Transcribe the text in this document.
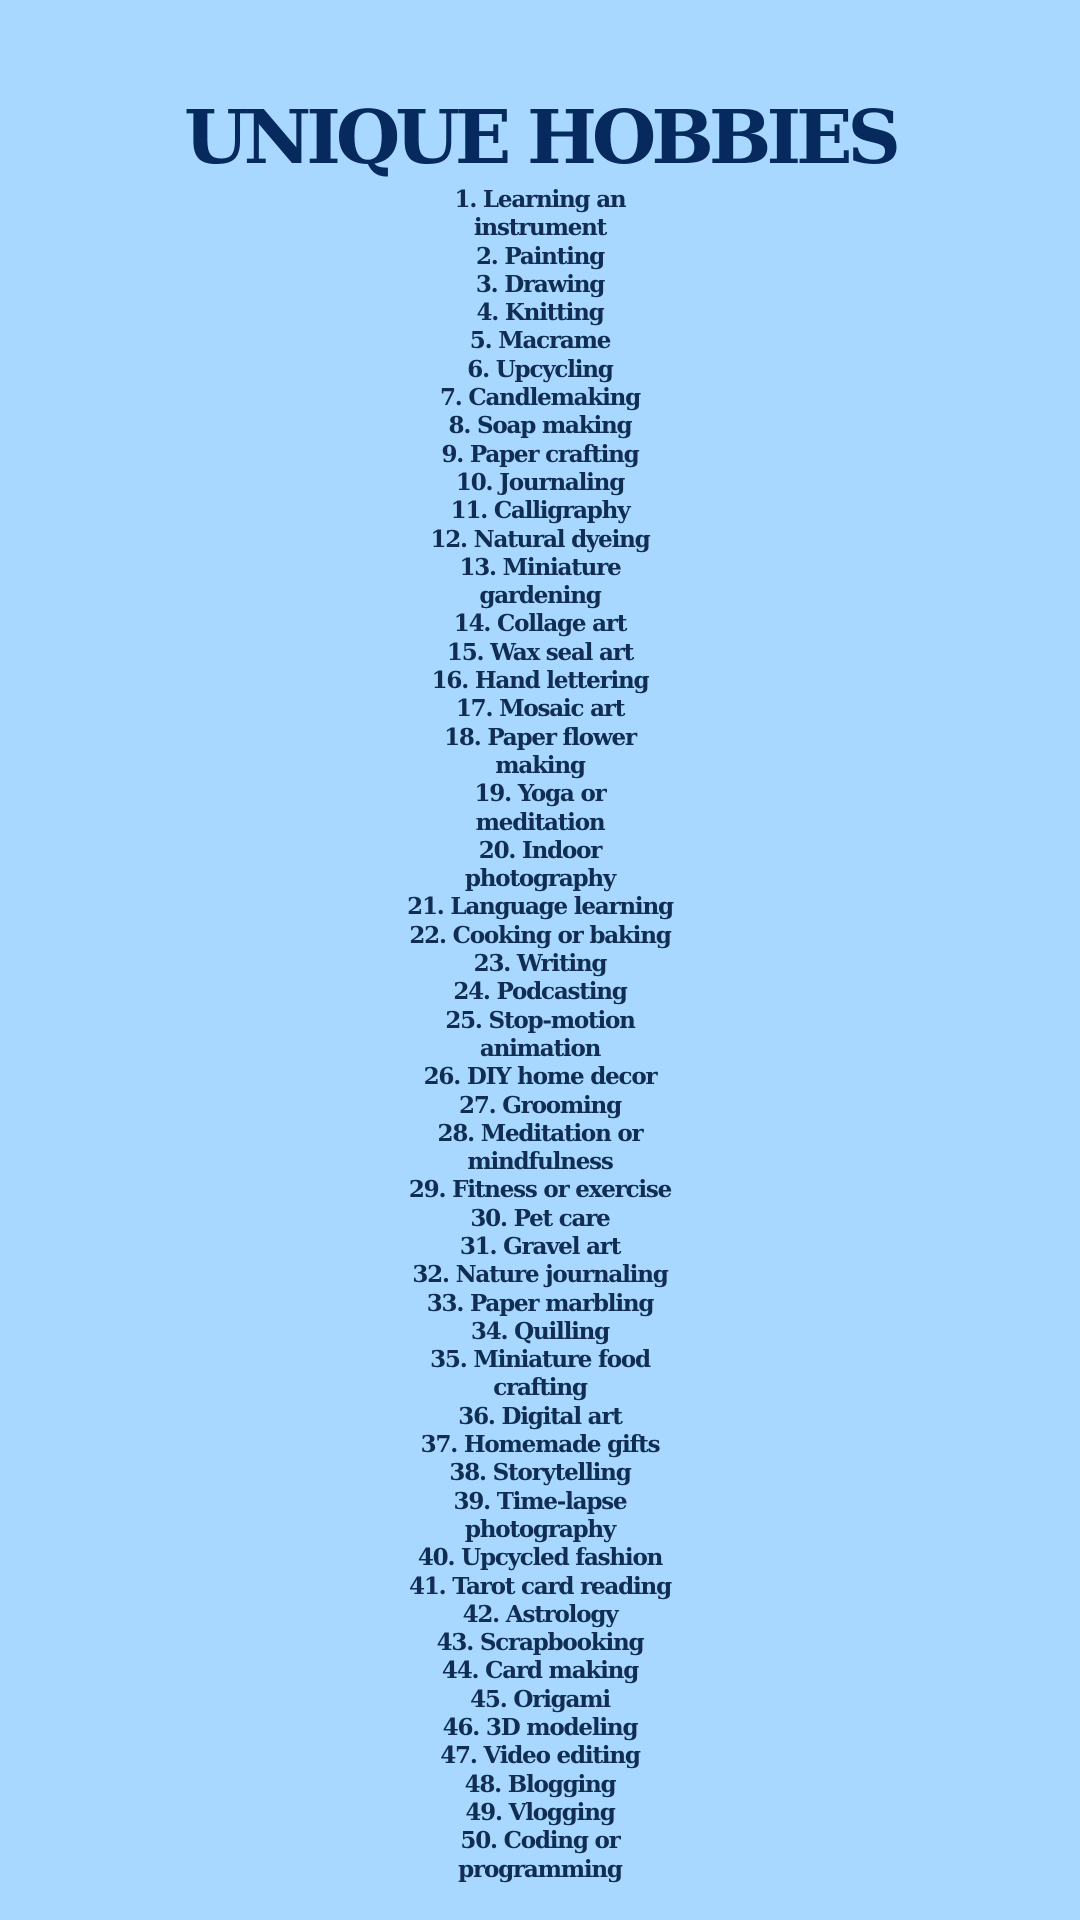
UNIQUE HOBBIES
1. Learning an
instrument
2. Painting
3. Drawing
4. Knitting
5. Macrame
6. Upcycling
7. Candlemaking
8. Soap making
9. Paper crafting
10. Journaling
11. Calligraphy
12. Natural dyeing
13. Miniature
gardening
14. Collage art
15. Wax seal art
16. Hand lettering
17. Mosaic art
18. Paper flower
making
19. Yoga or
meditation
20. Indoor
photography
21. Language learning
22. Cooking or baking
23. Writing
24. Podcasting
25. Stop-motion
animation
26. DIY home decor
27. Grooming
28. Meditation or
mindfulness
29. Fitness or exercise
30. Pet care
31. Gravel art
32. Nature journaling
33. Paper marbling
34. Quilling
35. Miniature food
crafting
36. Digital art
37. Homemade gifts
38. Storytelling
39. Time-lapse
photography
40. Upcycled fashion
41. Tarot card reading
42. Astrology
43. Scrapbooking
44. Card making
45. Origami
46. 3D modeling
47. Video editing
48. Blogging
49. Vlogging
50. Coding or
programming
